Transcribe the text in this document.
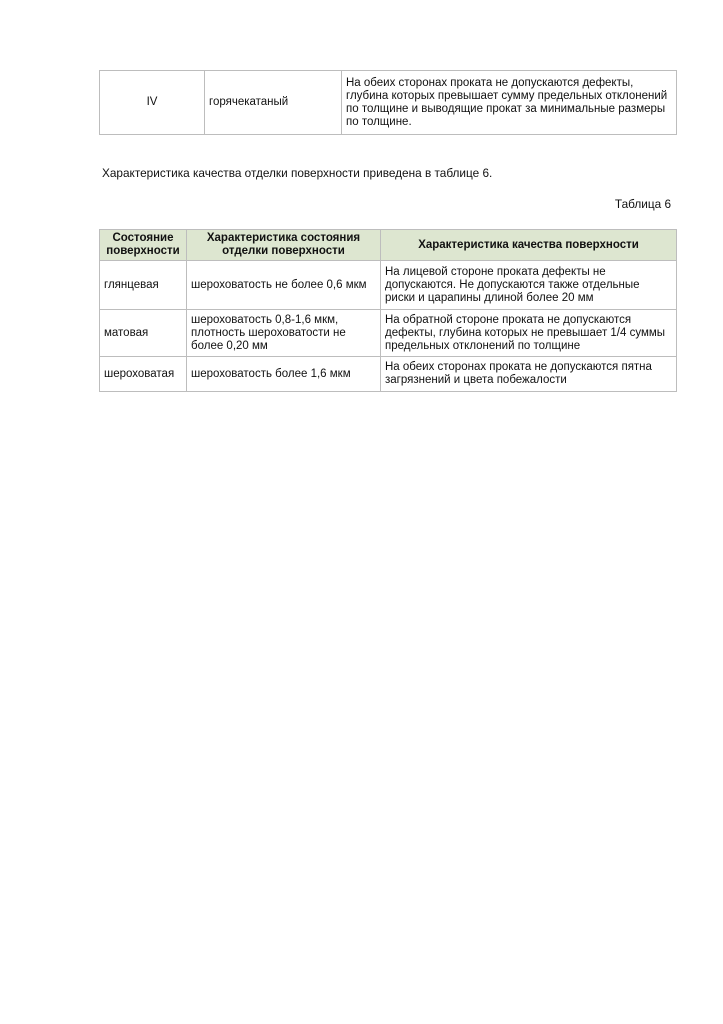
IV	горячекатаный	На обеих сторонах проката не допускаются дефекты, глубина которых превышает сумму предельных отклонений по толщине и выводящие прокат за минимальные размеры по толщине.
Характеристика качества отделки поверхности приведена в таблице 6.
Таблица 6
Состояние поверхности	Характеристика состояния отделки поверхности	Характеристика качества поверхности
глянцевая	шероховатость не более 0,6 мкм	На лицевой стороне проката дефекты не допускаются. Не допускаются также отдельные риски и царапины длиной более 20 мм
матовая	шероховатость 0,8-1,6 мкм, плотность шероховатости не более 0,20 мм	На обратной стороне проката не допускаются дефекты, глубина которых не превышает 1/4 суммы предельных отклонений по толщине
шероховатая	шероховатость более 1,6 мкм	На обеих сторонах проката не допускаются пятна загрязнений и цвета побежалости
